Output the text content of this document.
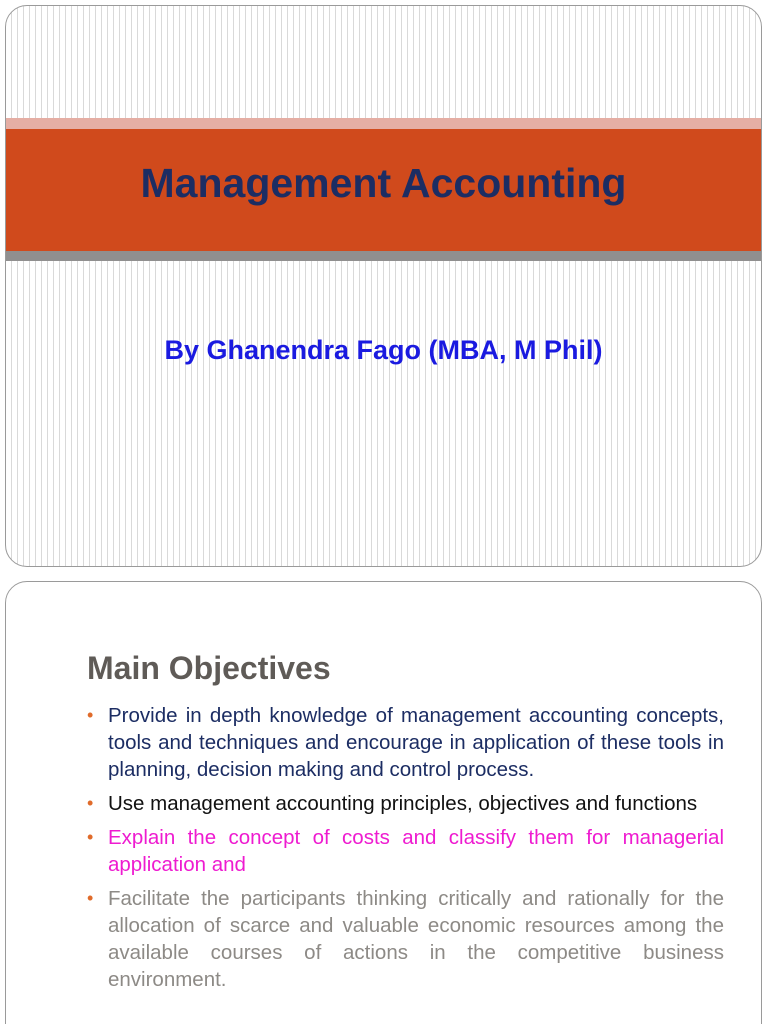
Management Accounting
By Ghanendra Fago (MBA, M Phil)
Main Objectives
• Provide in depth knowledge of management accounting concepts, tools and techniques and encourage in application of these tools in planning, decision making and control process.
• Use management accounting principles, objectives and functions
• Explain the concept of costs and classify them for managerial application and
• Facilitate the participants thinking critically and rationally for the allocation of scarce and valuable economic resources among the available courses of actions in the competitive business environment.
